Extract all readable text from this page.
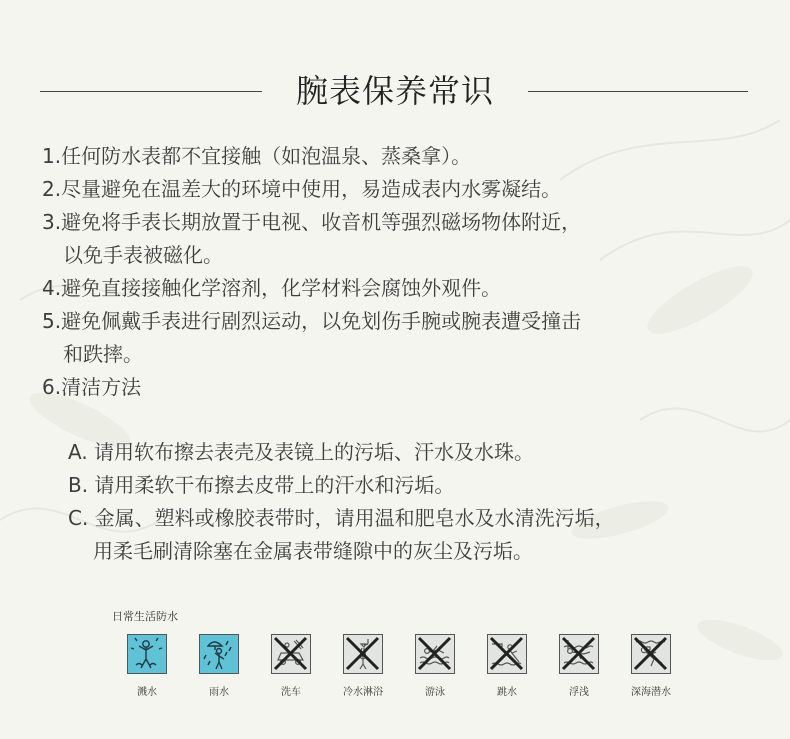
腕表保养常识
1.任何防水表都不宜接触（如泡温泉、蒸桑拿）。
2.尽量避免在温差大的环境中使用，易造成表内水雾凝结。
3.避免将手表长期放置于电视、收音机等强烈磁场物体附近，
以免手表被磁化。
4.避免直接接触化学溶剂，化学材料会腐蚀外观件。
5.避免佩戴手表进行剧烈运动，以免划伤手腕或腕表遭受撞击
和跌摔。
6.清洁方法
A. 请用软布擦去表壳及表镜上的污垢、汗水及水珠。
B. 请用柔软干布擦去皮带上的汗水和污垢。
C. 金属、塑料或橡胶表带时，请用温和肥皂水及水清洗污垢，
用柔毛刷清除塞在金属表带缝隙中的灰尘及污垢。
日常生活防水
溅水	雨水	洗车	冷水淋浴	游泳	跳水	浮浅	深海潜水
